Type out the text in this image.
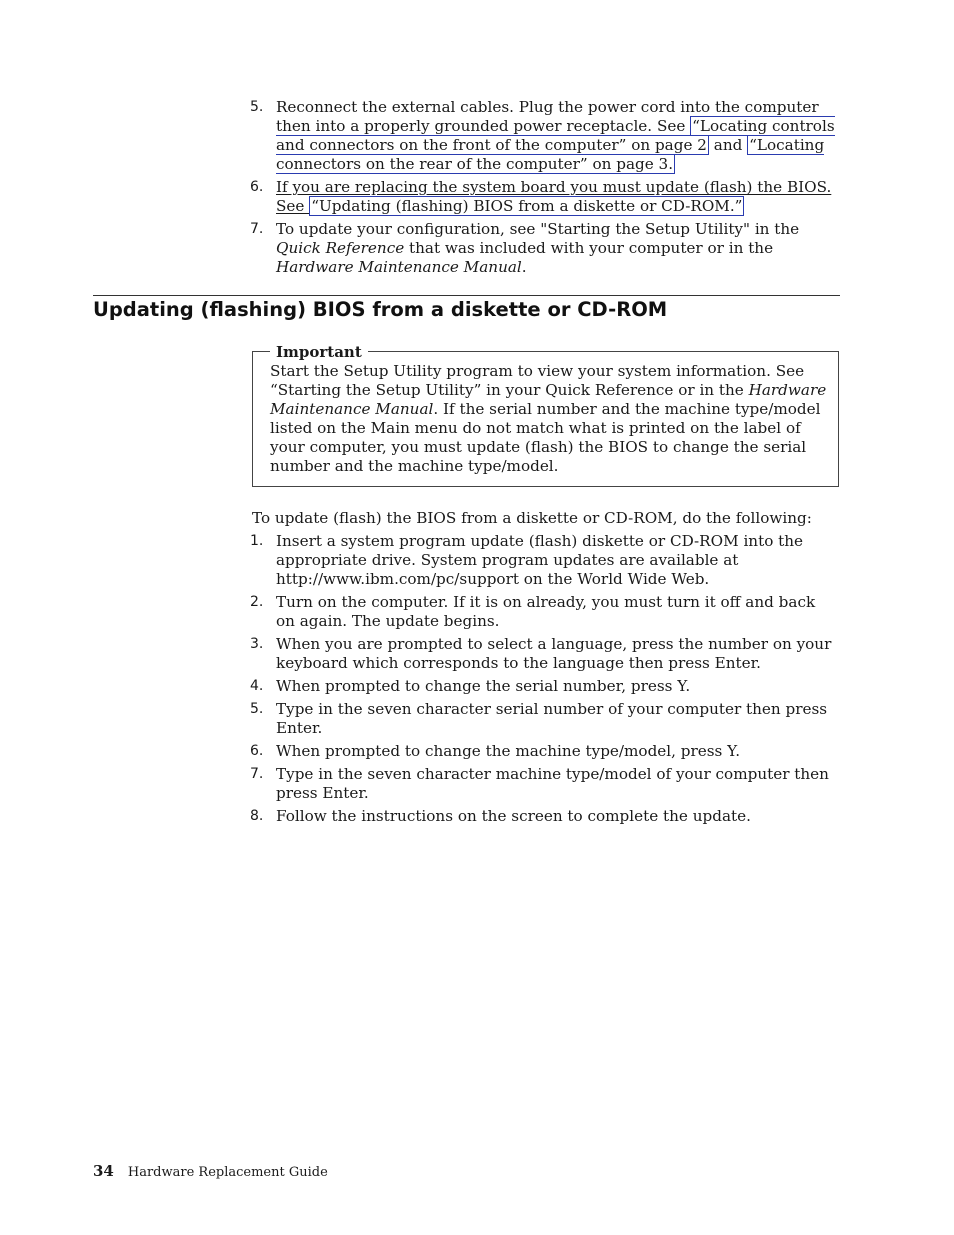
5. Reconnect the external cables. Plug the power cord into the computer then into a properly grounded power receptacle. See “Locating controls and connectors on the front of the computer” on page 2 and “Locating connectors on the rear of the computer” on page 3.
6. If you are replacing the system board you must update (flash) the BIOS. See “Updating (flashing) BIOS from a diskette or CD-ROM.”
7. To update your configuration, see "Starting the Setup Utility" in the Quick Reference that was included with your computer or in the Hardware Maintenance Manual.
Updating (flashing) BIOS from a diskette or CD-ROM
Important
Start the Setup Utility program to view your system information. See “Starting the Setup Utility” in your Quick Reference or in the Hardware Maintenance Manual. If the serial number and the machine type/model listed on the Main menu do not match what is printed on the label of your computer, you must update (flash) the BIOS to change the serial number and the machine type/model.
To update (flash) the BIOS from a diskette or CD-ROM, do the following:
1. Insert a system program update (flash) diskette or CD-ROM into the appropriate drive. System program updates are available at http://www.ibm.com/pc/support on the World Wide Web.
2. Turn on the computer. If it is on already, you must turn it off and back on again. The update begins.
3. When you are prompted to select a language, press the number on your keyboard which corresponds to the language then press Enter.
4. When prompted to change the serial number, press Y.
5. Type in the seven character serial number of your computer then press Enter.
6. When prompted to change the machine type/model, press Y.
7. Type in the seven character machine type/model of your computer then press Enter.
8. Follow the instructions on the screen to complete the update.
34 Hardware Replacement Guide
